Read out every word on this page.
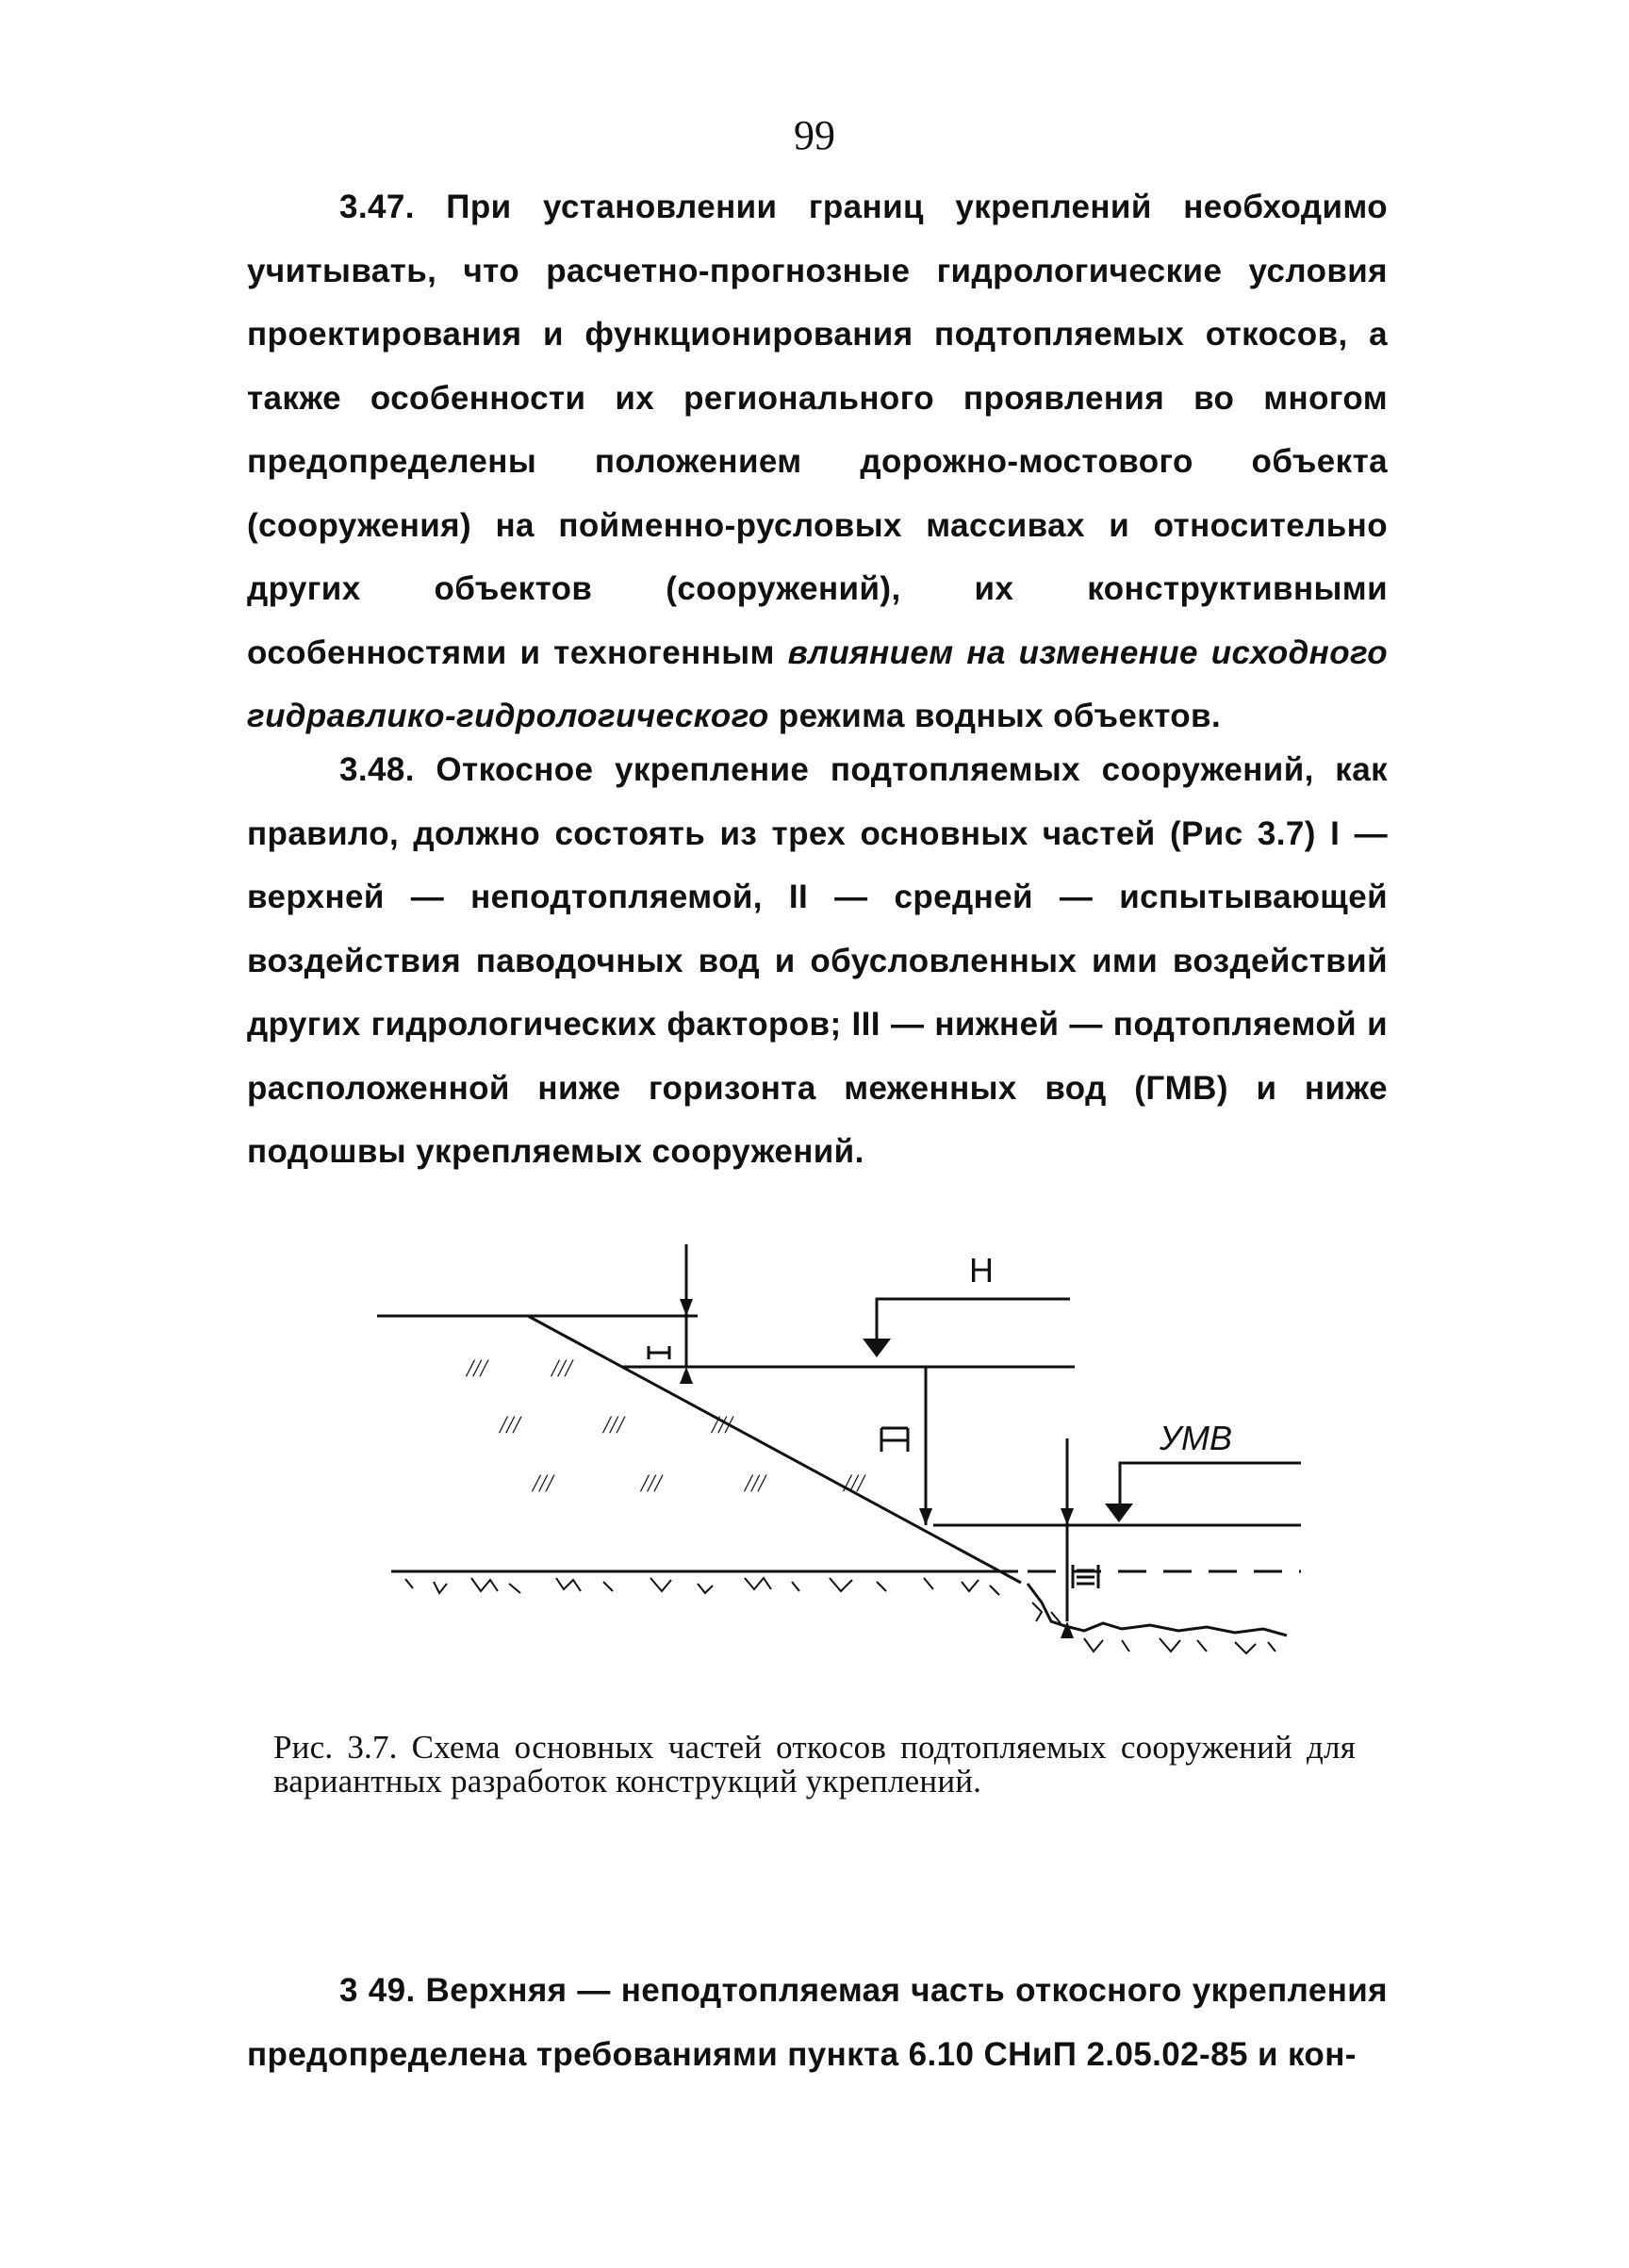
99

3.47. При установлении границ укреплений необходимо учитывать, что расчетно-прогнозные гидрологические условия проектирования и функционирования подтопляемых откосов, а также особенности их регионального проявления во многом предопределены положением дорожно-мостового объекта (сооружения) на пойменно-русловых массивах и относительно других объектов (сооружений), их конструктивными особенностями и техногенным влиянием на изменение исходного гидравлико-гидрологического режима водных объектов.

3.48. Откосное укрепление подтопляемых сооружений, как правило, должно состоять из трех основных частей (Рис 3.7) I — верхней — неподтопляемой, II — средней — испытывающей воздействия паводочных вод и обусловленных ими воздействий других гидрологических факторов; III — нижней — подтопляемой и расположенной ниже горизонта меженных вод (ГМВ) и ниже подошвы укрепляемых сооружений.

///	///
///	///	///
///	///	///	///
Н
УМВ

Рис. 3.7. Схема основных частей откосов подтопляемых сооружений для вариантных разработок конструкций укреплений.

3 49. Верхняя — неподтопляемая часть откосного укрепления предопределена требованиями пункта 6.10 СНиП 2.05.02-85 и кон-
